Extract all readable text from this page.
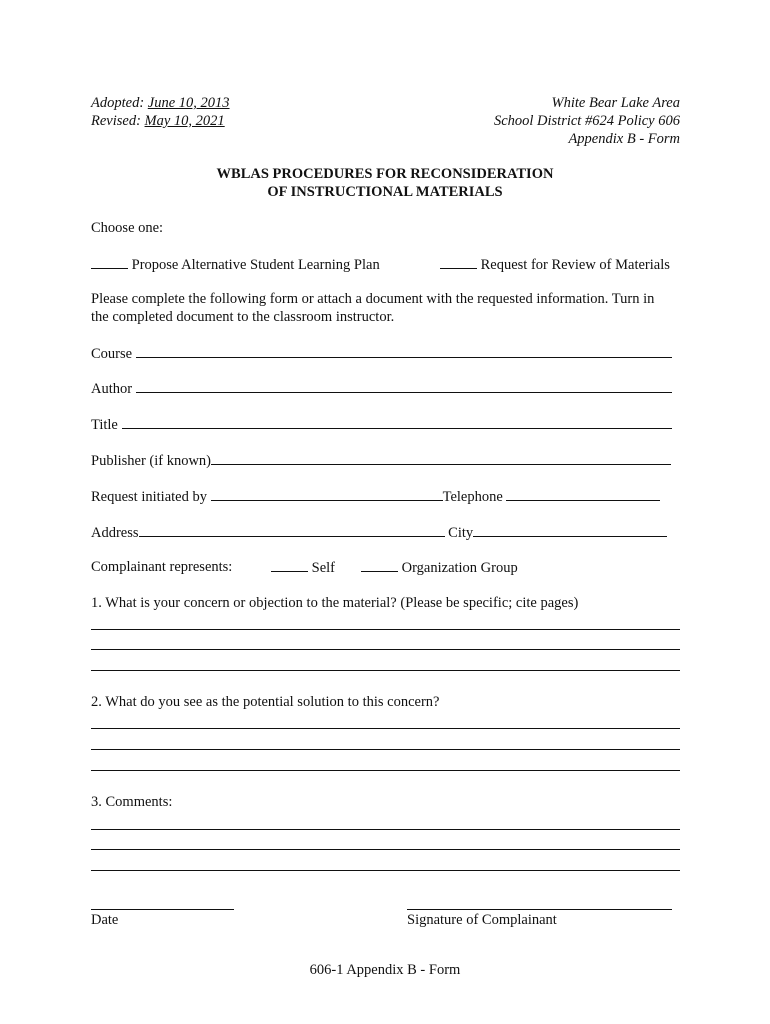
Adopted: June 10, 2013
Revised: May 10, 2021
White Bear Lake Area
School District #624 Policy 606
Appendix B - Form
WBLAS PROCEDURES FOR RECONSIDERATION
OF INSTRUCTIONAL MATERIALS
Choose one:
Propose Alternative Student Learning Plan	Request for Review of Materials
Please complete the following form or attach a document with the requested information. Turn in
the completed document to the classroom instructor.
Course
Author
Title
Publisher (if known)
Request initiated by	Telephone
Address	City
Complainant represents:	Self	Organization Group
1. What is your concern or objection to the material? (Please be specific; cite pages)
2. What do you see as the potential solution to this concern?
3. Comments:
Date	Signature of Complainant
606-1 Appendix B - Form
